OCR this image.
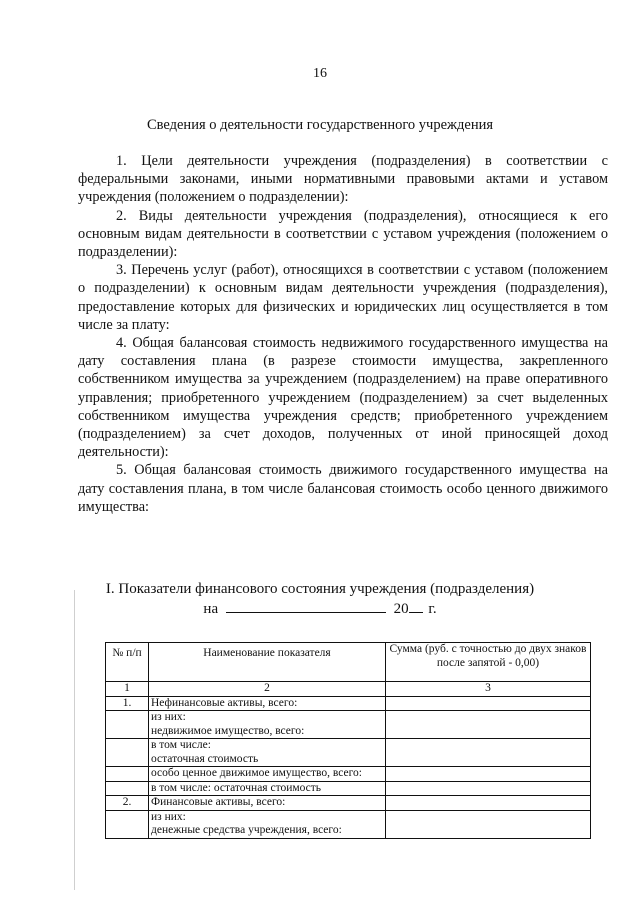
16
Сведения о деятельности государственного учреждения

1. Цели деятельности учреждения (подразделения) в соответствии с федеральными законами, иными нормативными правовыми актами и уставом учреждения (положением о подразделении):

2. Виды деятельности учреждения (подразделения), относящиеся к его основным видам деятельности в соответствии с уставом учреждения (положением о подразделении):

3. Перечень услуг (работ), относящихся в соответствии с уставом (положением о подразделении) к основным видам деятельности учреждения (подразделения), предоставление которых для физических и юридических лиц осуществляется в том числе за плату:

4. Общая балансовая стоимость недвижимого государственного имущества на дату составления плана (в разрезе стоимости имущества, закрепленного собственником имущества за учреждением (подразделением) на праве оперативного управления; приобретенного учреждением (подразделением) за счет выделенных собственником имущества учреждения средств; приобретенного учреждением (подразделением) за счет доходов, полученных от иной приносящей доход деятельности):

5. Общая балансовая стоимость движимого государственного имущества на дату составления плана, в том числе балансовая стоимость особо ценного движимого имущества:

I. Показатели финансового состояния учреждения (подразделения)
на	20 г.
№ п/п	Наименование показателя	Сумма (руб. с точностью до двух знаков после запятой - 0,00)
1	2	3
1.	Нефинансовые активы, всего:	

	из них:
недвижимое имущество, всего:	

	в том числе:
остаточная стоимость	

	особо ценное движимое имущество, всего:	

	в том числе: остаточная стоимость	

2.	Финансовые активы, всего:	

	из них:
денежные средства учреждения, всего:	
